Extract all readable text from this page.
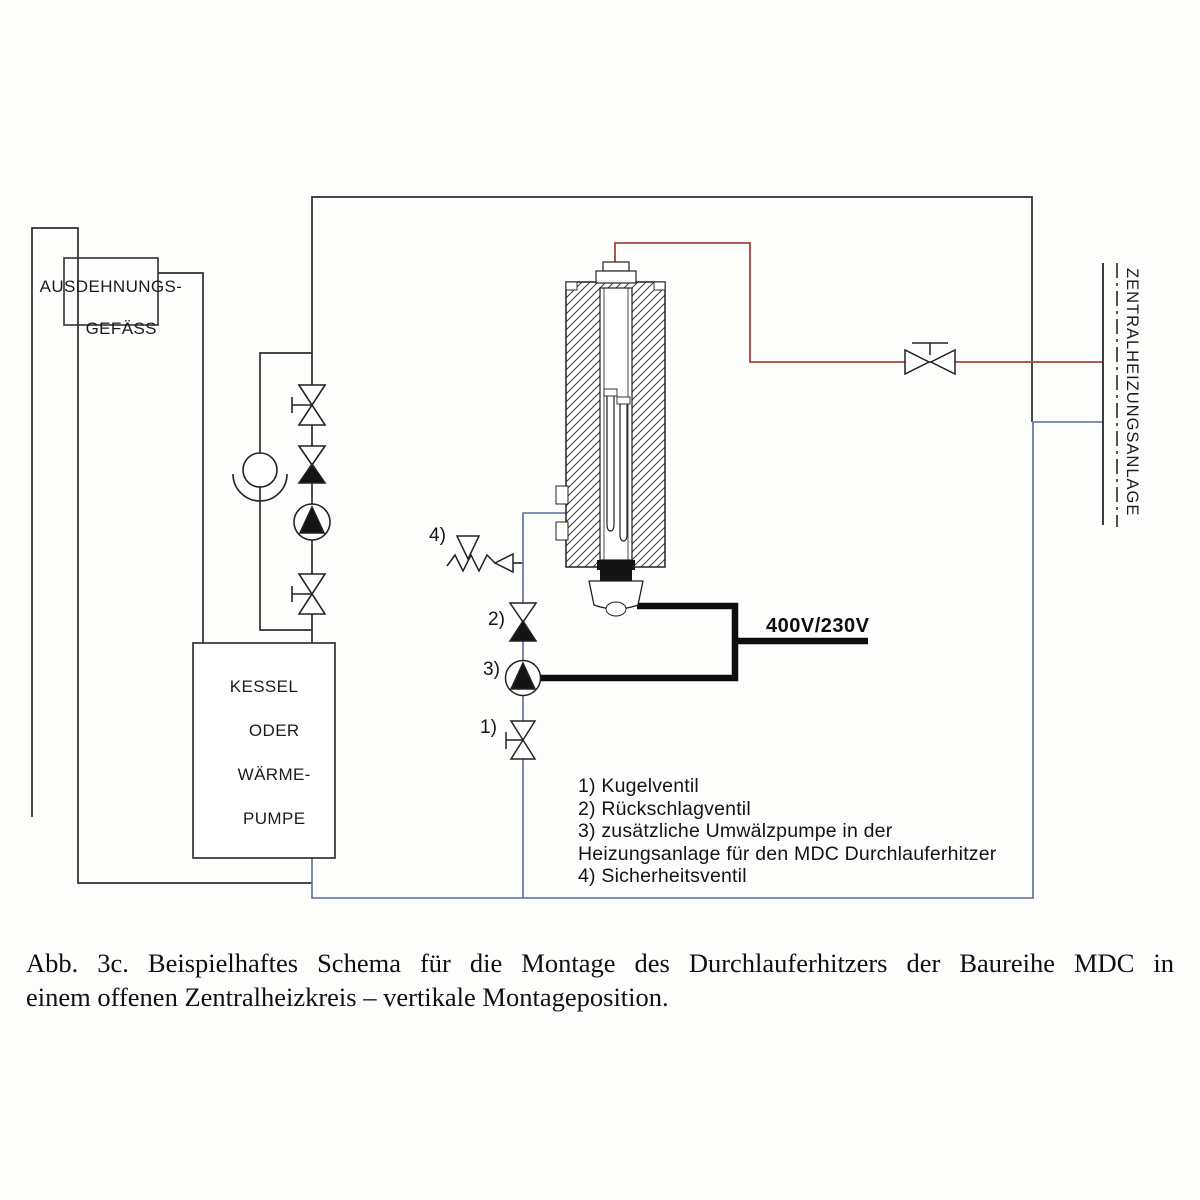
AUSDEHNUNGS-

GEFÄSS
KESSEL

ODER

WÄRME-

PUMPE
ZENTRALHEIZUNGSANLAGE
400V/230V
4)
2)
3)
1)
1) Kugelventil
2) Rückschlagventil
3) zusätzliche Umwälzpumpe in der
Heizungsanlage für den MDC Durchlauferhitzer
4) Sicherheitsventil
Abb. 3c. Beispielhaftes Schema für die Montage des Durchlauferhitzers der Baureihe MDC in
einem offenen Zentralheizkreis – vertikale Montageposition.
